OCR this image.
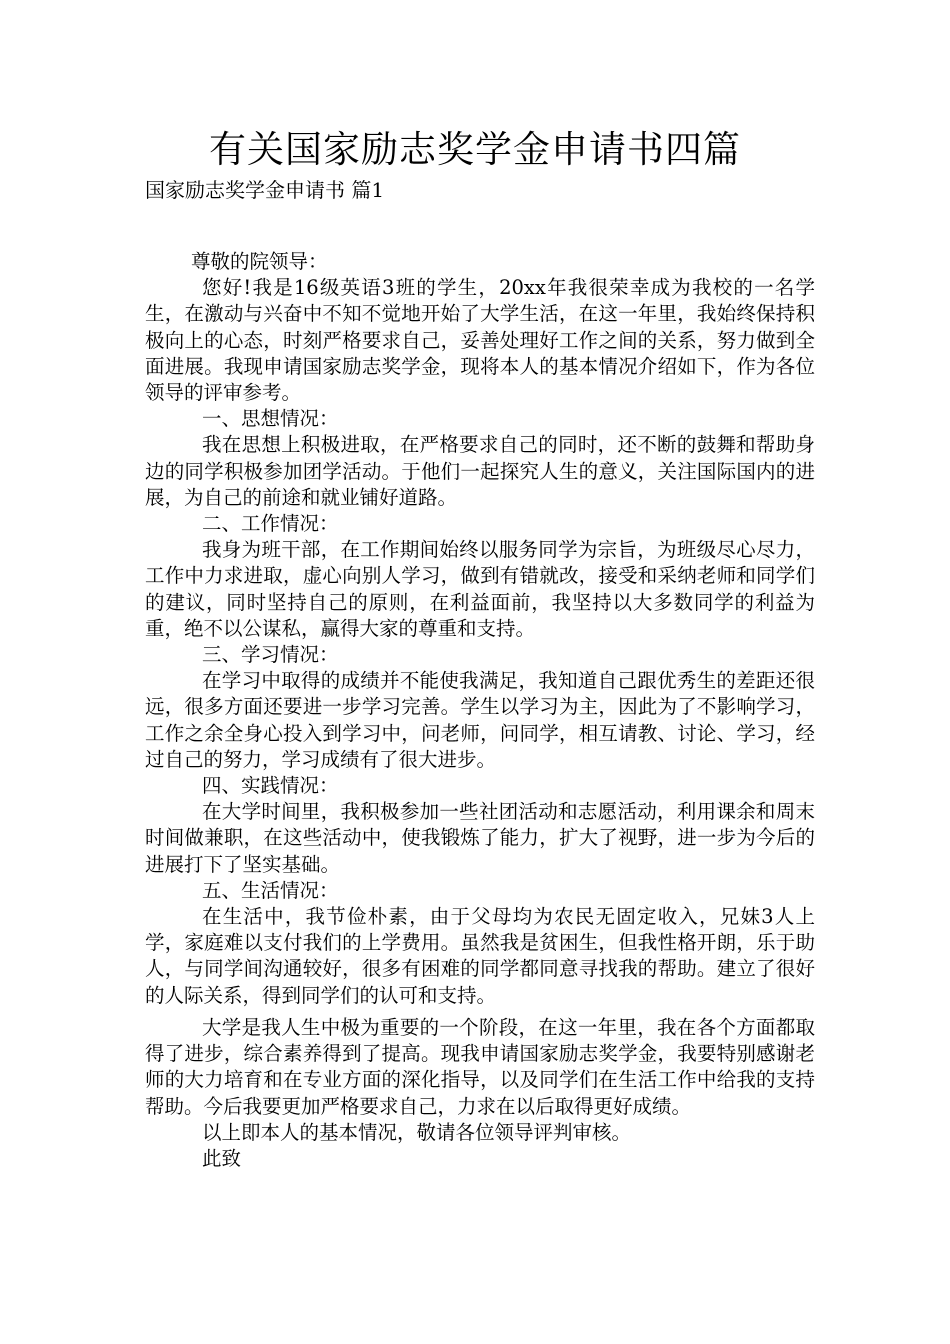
有关国家励志奖学金申请书四篇
国家励志奖学金申请书 篇1

尊敬的院领导：

您好!我是16级英语3班的学生，20xx年我很荣幸成为我校的一名学生，在激动与兴奋中不知不觉地开始了大学生活，在这一年里，我始终保持积极向上的心态，时刻严格要求自己，妥善处理好工作之间的关系，努力做到全面进展。我现申请国家励志奖学金，现将本人的基本情况介绍如下，作为各位领导的评审参考。

一、思想情况：

我在思想上积极进取，在严格要求自己的同时，还不断的鼓舞和帮助身边的同学积极参加团学活动。于他们一起探究人生的意义，关注国际国内的进展，为自己的前途和就业铺好道路。

二、工作情况：

我身为班干部，在工作期间始终以服务同学为宗旨，为班级尽心尽力，工作中力求进取，虚心向别人学习，做到有错就改，接受和采纳老师和同学们的建议，同时坚持自己的原则，在利益面前，我坚持以大多数同学的利益为重，绝不以公谋私，赢得大家的尊重和支持。

三、学习情况：

在学习中取得的成绩并不能使我满足，我知道自己跟优秀生的差距还很远，很多方面还要进一步学习完善。学生以学习为主，因此为了不影响学习，工作之余全身心投入到学习中，问老师，问同学，相互请教、讨论、学习，经过自己的努力，学习成绩有了很大进步。

四、实践情况：

在大学时间里，我积极参加一些社团活动和志愿活动，利用课余和周末时间做兼职，在这些活动中，使我锻炼了能力，扩大了视野，进一步为今后的进展打下了坚实基础。

五、生活情况：

在生活中，我节俭朴素，由于父母均为农民无固定收入，兄妹3人上学，家庭难以支付我们的上学费用。虽然我是贫困生，但我性格开朗，乐于助人，与同学间沟通较好，很多有困难的同学都同意寻找我的帮助。建立了很好的人际关系，得到同学们的认可和支持。

大学是我人生中极为重要的一个阶段，在这一年里，我在各个方面都取得了进步，综合素养得到了提高。现我申请国家励志奖学金，我要特别感谢老师的大力培育和在专业方面的深化指导，以及同学们在生活工作中给我的支持帮助。今后我要更加严格要求自己，力求在以后取得更好成绩。

以上即本人的基本情况，敬请各位领导评判审核。

此致
